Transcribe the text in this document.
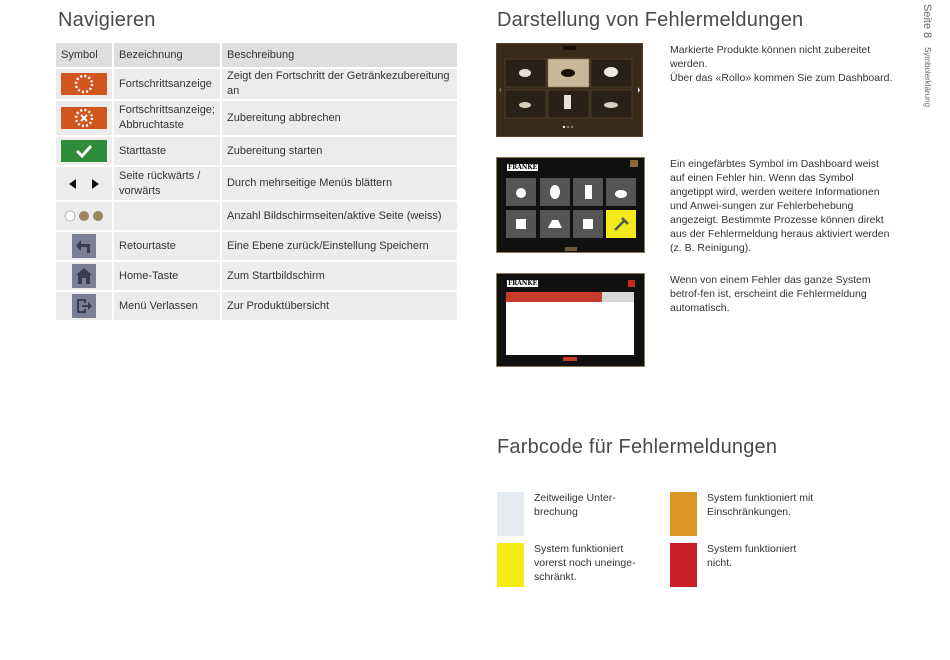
Navigieren	Darstellung von Fehlermeldungen
Farbcode für Fehlermeldungen
Seite 8 Symbolerklärung
Symbol	Bezeichnung	Beschreibung

	Fortschrittsanzeige	Zeigt den Fortschritt der Getränkezubereitung an

	Fortschrittsanzeige; Abbruchtaste	Zubereitung abbrechen

	Starttaste	Zubereitung starten

	Seite rückwärts / vorwärts	Durch mehrseitige Menüs blättern

		Anzahl Bildschirmseiten/aktive Seite (weiss)

	Retourtaste	Eine Ebene zurück/Einstellung Speichern

	Home-Taste	Zum Startbildschirm

	Menü Verlassen	Zur Produktübersicht

Markierte Produkte können nicht zubereitet werden.
Über das «Rollo» kommen Sie zum Dashboard.

FRANKE	Ein eingefärbtes Symbol im Dashboard weist auf einen Fehler hin. Wenn das Symbol angetippt wird, werden weitere Informationen und Anwei-sungen zur Fehlerbehebung angezeigt. Bestimmte Prozesse können direkt aus der Fehlermeldung heraus aktiviert werden (z. B. Reinigung).

FRANKE	Wenn von einem Fehler das ganze System betrof-fen ist, erscheint die Fehlermeldung automatisch.

Zeitweilige Unter-
brechung
System funktioniert mit
Einschränkungen.
System funktioniert
vorerst noch uneinge-
schränkt.
System funktioniert
nicht.
